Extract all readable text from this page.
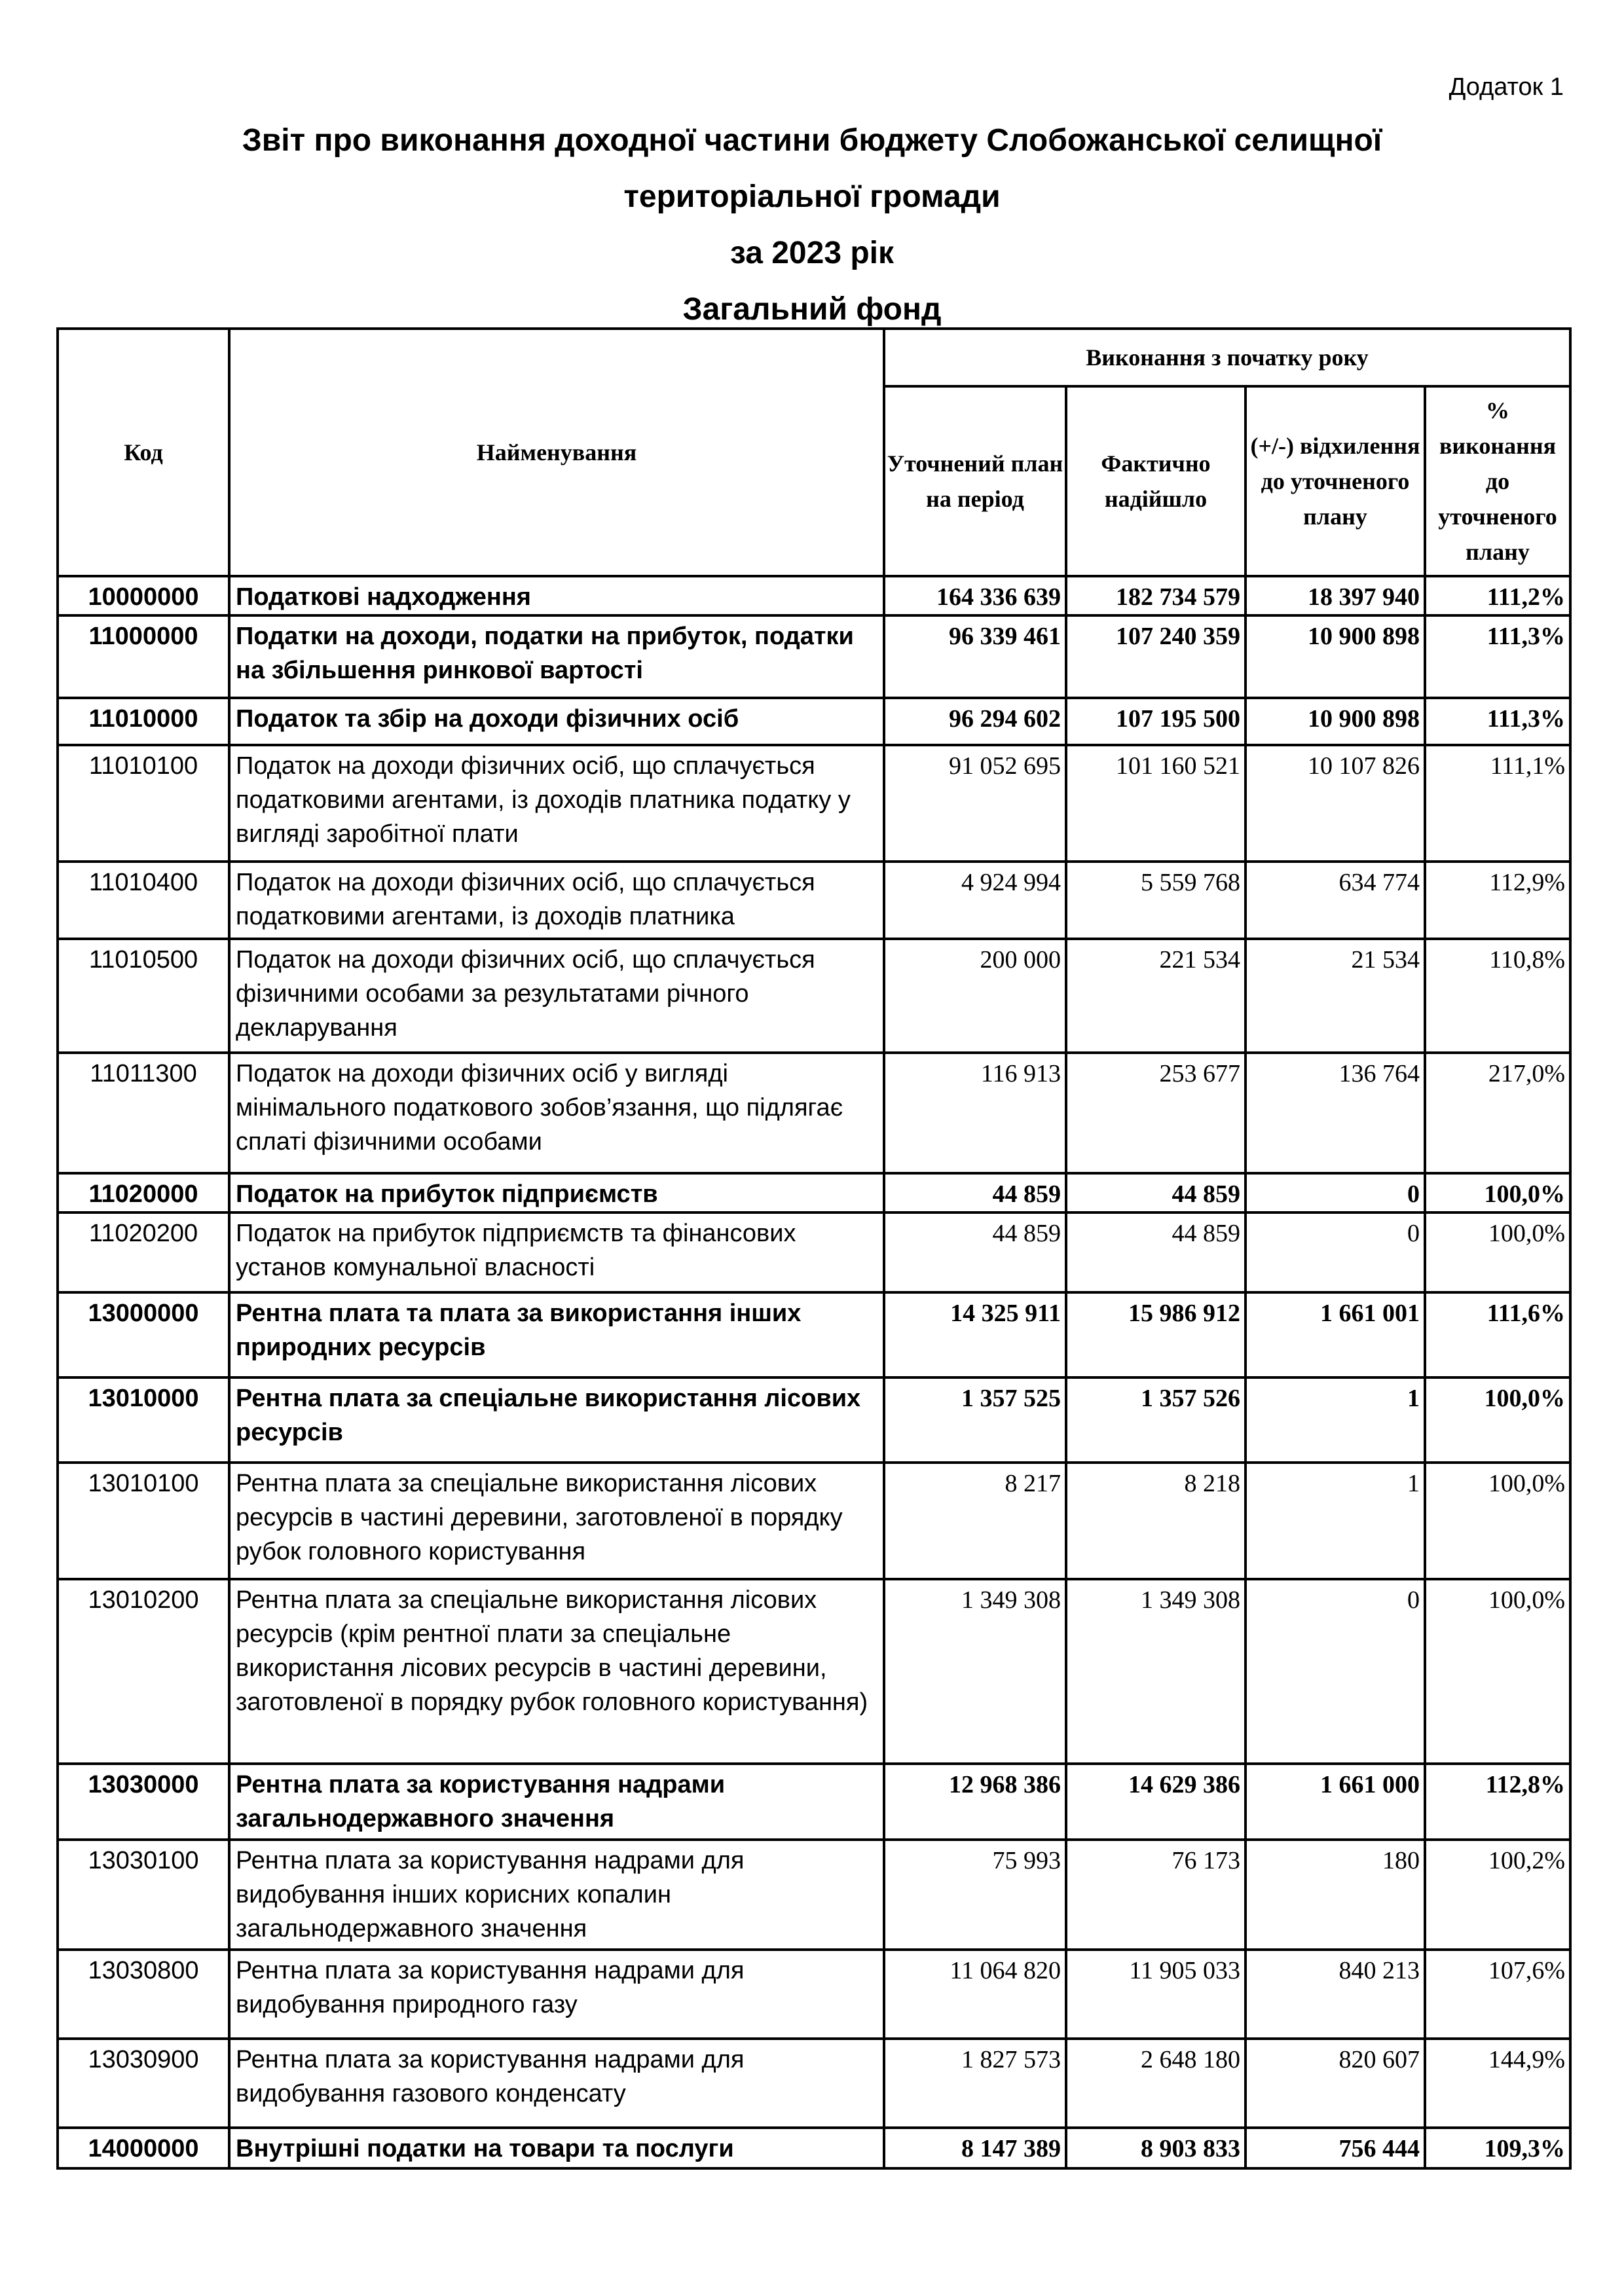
Додаток 1
Звіт про виконання доходної частини бюджету Слобожанської селищної
територіальної громади
за 2023 рік
Загальний фонд
Код	Найменування	Виконання з початку року			
		Уточнений план на період	Фактично надійшло	(+/-) відхилення до уточненого плану	% виконання до уточненого плану
10000000	Податкові надходження	164 336 639	182 734 579	18 397 940	111,2%
11000000	Податки на доходи, податки на прибуток, податки на збільшення ринкової вартості	96 339 461	107 240 359	10 900 898	111,3%
11010000	Податок та збір на доходи фізичних осіб	96 294 602	107 195 500	10 900 898	111,3%
11010100	Податок на доходи фізичних осіб, що сплачується податковими агентами, із доходів платника податку у вигляді заробітної плати	91 052 695	101 160 521	10 107 826	111,1%
11010400	Податок на доходи фізичних осіб, що сплачується податковими агентами, із доходів платника	4 924 994	5 559 768	634 774	112,9%
11010500	Податок на доходи фізичних осіб, що сплачується фізичними особами за результатами річного декларування	200 000	221 534	21 534	110,8%
11011300	Податок на доходи фізичних осіб у вигляді мінімального податкового зобов’язання, що підлягає сплаті фізичними особами	116 913	253 677	136 764	217,0%
11020000	Податок на прибуток підприємств	44 859	44 859	0	100,0%
11020200	Податок на прибуток підприємств та фінансових установ комунальної власності	44 859	44 859	0	100,0%
13000000	Рентна плата та плата за використання інших природних ресурсів	14 325 911	15 986 912	1 661 001	111,6%
13010000	Рентна плата за спеціальне використання лісових ресурсів	1 357 525	1 357 526	1	100,0%
13010100	Рентна плата за спеціальне використання лісових ресурсів в частині деревини, заготовленої в порядку рубок головного користування	8 217	8 218	1	100,0%
13010200	Рентна плата за спеціальне використання лісових ресурсів (крім рентної плати за спеціальне використання лісових ресурсів в частині деревини, заготовленої в порядку рубок головного користування)	1 349 308	1 349 308	0	100,0%
13030000	Рентна плата за користування надрами загальнодержавного значення	12 968 386	14 629 386	1 661 000	112,8%
13030100	Рентна плата за користування надрами для видобування інших корисних копалин загальнодержавного значення	75 993	76 173	180	100,2%
13030800	Рентна плата за користування надрами для видобування природного газу	11 064 820	11 905 033	840 213	107,6%
13030900	Рентна плата за користування надрами для видобування газового конденсату	1 827 573	2 648 180	820 607	144,9%
14000000	Внутрішні податки на товари та послуги	8 147 389	8 903 833	756 444	109,3%
